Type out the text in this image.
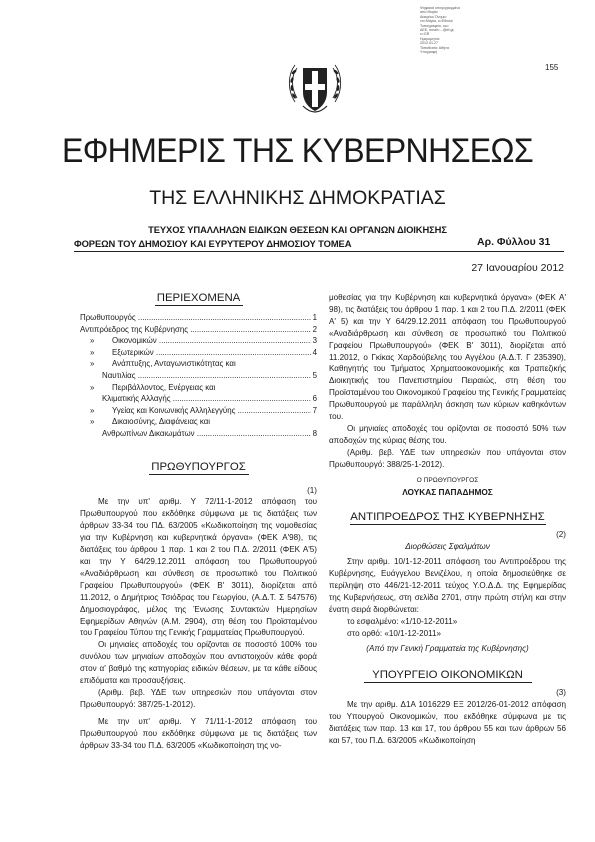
Ψηφιακά υπογεγραμμένο
από Μαρία
Διακρ/κο Όνομα:
cn=Μαρία, o=Εθνικό
Τυπογραφείο, ou=
ΔΕΕ, email=...@et.gr,
c=GR
Ημερομηνία:
2012.01.27
Τοποθεσία: Αθήνα
Υπογραφή
155
ΕΦΗΜΕΡΙΣ ΤΗΣ ΚΥΒΕΡΝΗΣΕΩΣ
ΤΗΣ ΕΛΛΗΝΙΚΗΣ ΔΗΜΟΚΡΑΤΙΑΣ
ΤΕΥΧΟΣ ΥΠΑΛΛΗΛΩΝ ΕΙΔΙΚΩΝ ΘΕΣΕΩΝ ΚΑΙ ΟΡΓΑΝΩΝ ΔΙΟΙΚΗΣΗΣ
ΦΟΡΕΩΝ ΤΟΥ ΔΗΜΟΣΙΟΥ ΚΑΙ ΕΥΡΥΤΕΡΟΥ ΔΗΜΟΣΙΟΥ ΤΟΜΕΑ	Αρ. Φύλλου 31
27 Ιανουαρίου 2012
ΠΕΡΙΕΧΟΜΕΝΑ
Πρωθυπουργός .....	1
Αντιπρόεδρος της Κυβέρνησης .....	2
»	Οικονομικών .....	3
»	Εξωτερικών .....	4
» Ανάπτυξης, Ανταγωνιστικότητας και
Ναυτιλίας .....	5
» Περιβάλλοντος, Ενέργειας και
Κλιματικής Αλλαγής .....	6
»	Υγείας και Κοινωνικής Αλληλεγγύης .....	7
» Δικαιοσύνης, Διαφάνειας και
Ανθρωπίνων Δικαιωμάτων .....	8
ΠΡΩΘΥΠΟΥΡΓΟΣ

(1)

Με την υπ' αριθμ. Υ 72/11-1-2012 απόφαση του Πρωθυπουργού που εκδόθηκε σύμφωνα με τις διατάξεις των άρθρων 33-34 του ΠΔ. 63/2005 «Κωδικοποίηση της νομοθεσίας για την Κυβέρνηση και κυβερνητικά όργανα» (ΦΕΚ Α'98), τις διατάξεις του άρθρου 1 παρ. 1 και 2 του Π.Δ. 2/2011 (ΦΕΚ Α'5) και την Υ 64/29.12.2011 απόφαση του Πρωθυπουργού «Αναδιάρθρωση και σύνθεση σε προσωπικό του Πολιτικού Γραφείου Πρωθυπουργού» (ΦΕΚ Β' 3011), διορίζεται από 11.2012, ο Δημήτριος Τσιόδρας του Γεωργίου, (Α.Δ.Τ. Σ 547576) Δημοσιογράφος, μέλος της Ένωσης Συντακτών Ημερησίων Εφημερίδων Αθηνών (Α.Μ. 2904), στη θέση του Προϊσταμένου του Γραφείου Τύπου της Γενικής Γραμματείας Πρωθυπουργού.

Οι μηνιαίες αποδοχές του ορίζονται σε ποσοστό 100% του συνόλου των μηνιαίων αποδοχών που αντιστοιχούν κάθε φορά στον α' βαθμό της κατηγορίας ειδικών θέσεων, με τα κάθε είδους επιδόματα και προσαυξήσεις.

(Αριθμ. βεβ. ΥΔΕ των υπηρεσιών που υπάγονται στον Πρωθυπουργό: 387/25-1-2012).

Με την υπ' αριθμ. Υ 71/11-1-2012 απόφαση του Πρωθυπουργού που εκδόθηκε σύμφωνα με τις διατάξεις των άρθρων 33-34 του Π.Δ. 63/2005 «Κωδικοποίηση της νο-

μοθεσίας για την Κυβέρνηση και κυβερνητικά όργανα» (ΦΕΚ Α' 98), τις διατάξεις του άρθρου 1 παρ. 1 και 2 του Π.Δ. 2/2011 (ΦΕΚ Α' 5) και την Υ 64/29.12.2011 απόφαση του Πρωθυπουργού «Αναδιάρθρωση και σύνθεση σε προσωπικό του Πολιτικού Γραφείου Πρωθυπουργού» (ΦΕΚ Β' 3011), διορίζεται από 11.2012, ο Γκίκας Χαρδούβελης του Αγγέλου (Α.Δ.Τ. Γ 235390), Καθηγητής του Τμήματος Χρηματοοικονομικής και Τραπεζικής Διοικητικής του Πανεπιστημίου Πειραιώς, στη θέση του Προϊσταμένου του Οικονομικού Γραφείου της Γενικής Γραμματείας Πρωθυπουργού με παράλληλη άσκηση των κύριων καθηκόντων του.

Οι μηνιαίες αποδοχές του ορίζονται σε ποσοστό 50% των αποδοχών της κύριας θέσης του.

(Αριθμ. βεβ. ΥΔΕ των υπηρεσιών που υπάγονται στον Πρωθυπουργό: 388/25-1-2012).

Ο ΠΡΩΘΥΠΟΥΡΓΟΣ

ΛΟΥΚΑΣ ΠΑΠΑΔΗΜΟΣ

ΑΝΤΙΠΡΟΕΔΡΟΣ ΤΗΣ ΚΥΒΕΡΝΗΣΗΣ

(2)

Διορθώσεις Σφαλμάτων

Στην αριθμ. 10/1-12-2011 απόφαση του Αντιπροέδρου της Κυβέρνησης, Ευάγγελου Βενιζέλου, η οποία δημοσιεύθηκε σε περίληψη στο 446/21-12-2011 τεύχος Υ.Ο.Δ.Δ. της Εφημερίδας της Κυβερνήσεως, στη σελίδα 2701, στην πρώτη στήλη και στην ένατη σειρά διορθώνεται:

το εσφαλμένο: «1/10-12-2011»

στο ορθό: «10/1-12-2011»

(Από την Γενική Γραμματεία της Κυβέρνησης)

ΥΠΟΥΡΓΕΙΟ ΟΙΚΟΝΟΜΙΚΩΝ

(3)

Με την αριθμ. Δ1Α 1016229 ΕΞ 2012/26-01-2012 απόφαση του Υπουργού Οικονομικών, που εκδόθηκε σύμφωνα με τις διατάξεις των παρ. 13 και 17, του άρθρου 55 και των άρθρων 56 και 57, του Π.Δ. 63/2005 «Κωδικοποίηση
